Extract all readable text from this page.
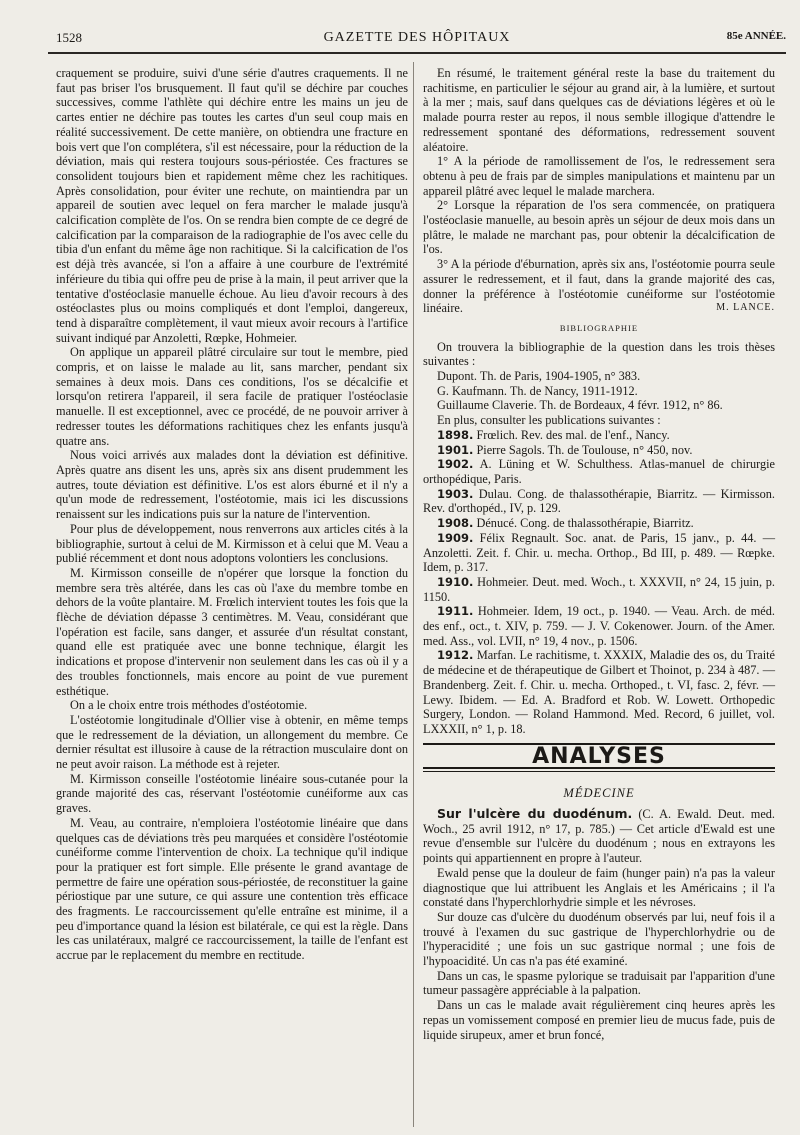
1528	GAZETTE DES HÔPITAUX	85e ANNÉE.

craquement se produire, suivi d'une série d'autres craquements. Il ne faut pas briser l'os brusquement. Il faut qu'il se déchire par couches successives, comme l'athlète qui déchire entre les mains un jeu de cartes entier ne déchire pas toutes les cartes d'un seul coup mais en réalité successivement. De cette manière, on obtiendra une fracture en bois vert que l'on complétera, s'il est nécessaire, pour la réduction de la déviation, mais qui restera toujours sous-périostée. Ces fractures se consolident toujours bien et rapidement même chez les rachitiques. Après consolidation, pour éviter une rechute, on maintiendra par un appareil de soutien avec lequel on fera marcher le malade jusqu'à calcification complète de l'os. On se rendra bien compte de ce degré de calcification par la comparaison de la radiographie de l'os avec celle du tibia d'un enfant du même âge non rachitique. Si la calcification de l'os est déjà très avancée, si l'on a affaire à une courbure de l'extrémité inférieure du tibia qui offre peu de prise à la main, il peut arriver que la tentative d'ostéoclasie manuelle échoue. Au lieu d'avoir recours à des ostéoclastes plus ou moins compliqués et dont l'emploi, dangereux, tend à disparaître complètement, il vaut mieux avoir recours à l'artifice suivant indiqué par Anzoletti, Rœpke, Hohmeier.

On applique un appareil plâtré circulaire sur tout le membre, pied compris, et on laisse le malade au lit, sans marcher, pendant six semaines à deux mois. Dans ces conditions, l'os se décalcifie et lorsqu'on retirera l'appareil, il sera facile de pratiquer l'ostéoclasie manuelle. Il est exceptionnel, avec ce procédé, de ne pouvoir arriver à redresser toutes les déformations rachitiques chez les enfants jusqu'à quatre ans.

Nous voici arrivés aux malades dont la déviation est définitive. Après quatre ans disent les uns, après six ans disent prudemment les autres, toute déviation est définitive. L'os est alors éburné et il n'y a qu'un mode de redressement, l'ostéotomie, mais ici les discussions renaissent sur les indications puis sur la nature de l'intervention.

Pour plus de développement, nous renverrons aux articles cités à la bibliographie, surtout à celui de M. Kirmisson et à celui que M. Veau a publié récemment et dont nous adoptons volontiers les conclusions.

M. Kirmisson conseille de n'opérer que lorsque la fonction du membre sera très altérée, dans les cas où l'axe du membre tombe en dehors de la voûte plantaire. M. Frœlich intervient toutes les fois que la flèche de déviation dépasse 3 centimètres. M. Veau, considérant que l'opération est facile, sans danger, et assurée d'un résultat constant, quand elle est pratiquée avec une bonne technique, élargit les indications et propose d'intervenir non seulement dans les cas où il y a des troubles fonctionnels, mais encore au point de vue purement esthétique.

On a le choix entre trois méthodes d'ostéotomie.

L'ostéotomie longitudinale d'Ollier vise à obtenir, en même temps que le redressement de la déviation, un allongement du membre. Ce dernier résultat est illusoire à cause de la rétraction musculaire dont on ne peut avoir raison. La méthode est à rejeter.

M. Kirmisson conseille l'ostéotomie linéaire sous-cutanée pour la grande majorité des cas, réservant l'ostéotomie cunéiforme aux cas graves.

M. Veau, au contraire, n'emploiera l'ostéotomie linéaire que dans quelques cas de déviations très peu marquées et considère l'ostéotomie cunéiforme comme l'intervention de choix. La technique qu'il indique pour la pratiquer est fort simple. Elle présente le grand avantage de permettre de faire une opération sous-périostée, de reconstituer la gaine périostique par une suture, ce qui assure une contention très efficace des fragments. Le raccourcissement qu'elle entraîne est minime, il a peu d'importance quand la lésion est bilatérale, ce qui est la règle. Dans les cas unilatéraux, malgré ce raccourcissement, la taille de l'enfant est accrue par le replacement du membre en rectitude.

En résumé, le traitement général reste la base du traitement du rachitisme, en particulier le séjour au grand air, à la lumière, et surtout à la mer ; mais, sauf dans quelques cas de déviations légères et où le malade pourra rester au repos, il nous semble illogique d'attendre le redressement spontané des déformations, redressement souvent aléatoire.

1° A la période de ramollissement de l'os, le redressement sera obtenu à peu de frais par de simples manipulations et maintenu par un appareil plâtré avec lequel le malade marchera.

2° Lorsque la réparation de l'os sera commencée, on pratiquera l'ostéoclasie manuelle, au besoin après un séjour de deux mois dans un plâtre, le malade ne marchant pas, pour obtenir la décalcification de l'os.

3° A la période d'éburnation, après six ans, l'ostéotomie pourra seule assurer le redressement, et il faut, dans la grande majorité des cas, donner la préférence à l'ostéotomie cunéiforme sur l'ostéotomie linéaire.	M. LANCE.

BIBLIOGRAPHIE

On trouvera la bibliographie de la question dans les trois thèses suivantes :

Dupont. Th. de Paris, 1904-1905, n° 383.

G. Kaufmann. Th. de Nancy, 1911-1912.

Guillaume Claverie. Th. de Bordeaux, 4 févr. 1912, n° 86.

En plus, consulter les publications suivantes :

1898. Frœlich. Rev. des mal. de l'enf., Nancy.

1901. Pierre Sagols. Th. de Toulouse, n° 450, nov.

1902. A. Lüning et W. Schulthess. Atlas-manuel de chirurgie orthopédique, Paris.

1903. Dulau. Cong. de thalassothérapie, Biarritz. — Kirmisson. Rev. d'orthopéd., IV, p. 129.

1908. Dénucé. Cong. de thalassothérapie, Biarritz.

1909. Félix Regnault. Soc. anat. de Paris, 15 janv., p. 44. — Anzoletti. Zeit. f. Chir. u. mecha. Orthop., Bd III, p. 489. — Rœpke. Idem, p. 317.

1910. Hohmeier. Deut. med. Woch., t. XXXVII, n° 24, 15 juin, p. 1150.

1911. Hohmeier. Idem, 19 oct., p. 1940. — Veau. Arch. de méd. des enf., oct., t. XIV, p. 759. — J. V. Cokenower. Journ. of the Amer. med. Ass., vol. LVII, n° 19, 4 nov., p. 1506.

1912. Marfan. Le rachitisme, t. XXXIX, Maladie des os, du Traité de médecine et de thérapeutique de Gilbert et Thoinot, p. 234 à 487. — Brandenberg. Zeit. f. Chir. u. mecha. Orthoped., t. VI, fasc. 2, févr. — Lewy. Ibidem. — Ed. A. Bradford et Rob. W. Lowett. Orthopedic Surgery, London. — Roland Hammond. Med. Record, 6 juillet, vol. LXXXII, n° 1, p. 18.

ANALYSES
MÉDECINE

Sur l'ulcère du duodénum. (C. A. Ewald. Deut. med. Woch., 25 avril 1912, n° 17, p. 785.) — Cet article d'Ewald est une revue d'ensemble sur l'ulcère du duodénum ; nous en extrayons les points qui appartiennent en propre à l'auteur.

Ewald pense que la douleur de faim (hunger pain) n'a pas la valeur diagnostique que lui attribuent les Anglais et les Américains ; il l'a constaté dans l'hyperchlorhydrie simple et les névroses.

Sur douze cas d'ulcère du duodénum observés par lui, neuf fois il a trouvé à l'examen du suc gastrique de l'hyperchlorhydrie ou de l'hyperacidité ; une fois un suc gastrique normal ; une fois de l'hypoacidité. Un cas n'a pas été examiné.

Dans un cas, le spasme pylorique se traduisait par l'apparition d'une tumeur passagère appréciable à la palpation.

Dans un cas le malade avait régulièrement cinq heures après les repas un vomissement composé en premier lieu de mucus fade, puis de liquide sirupeux, amer et brun foncé,
